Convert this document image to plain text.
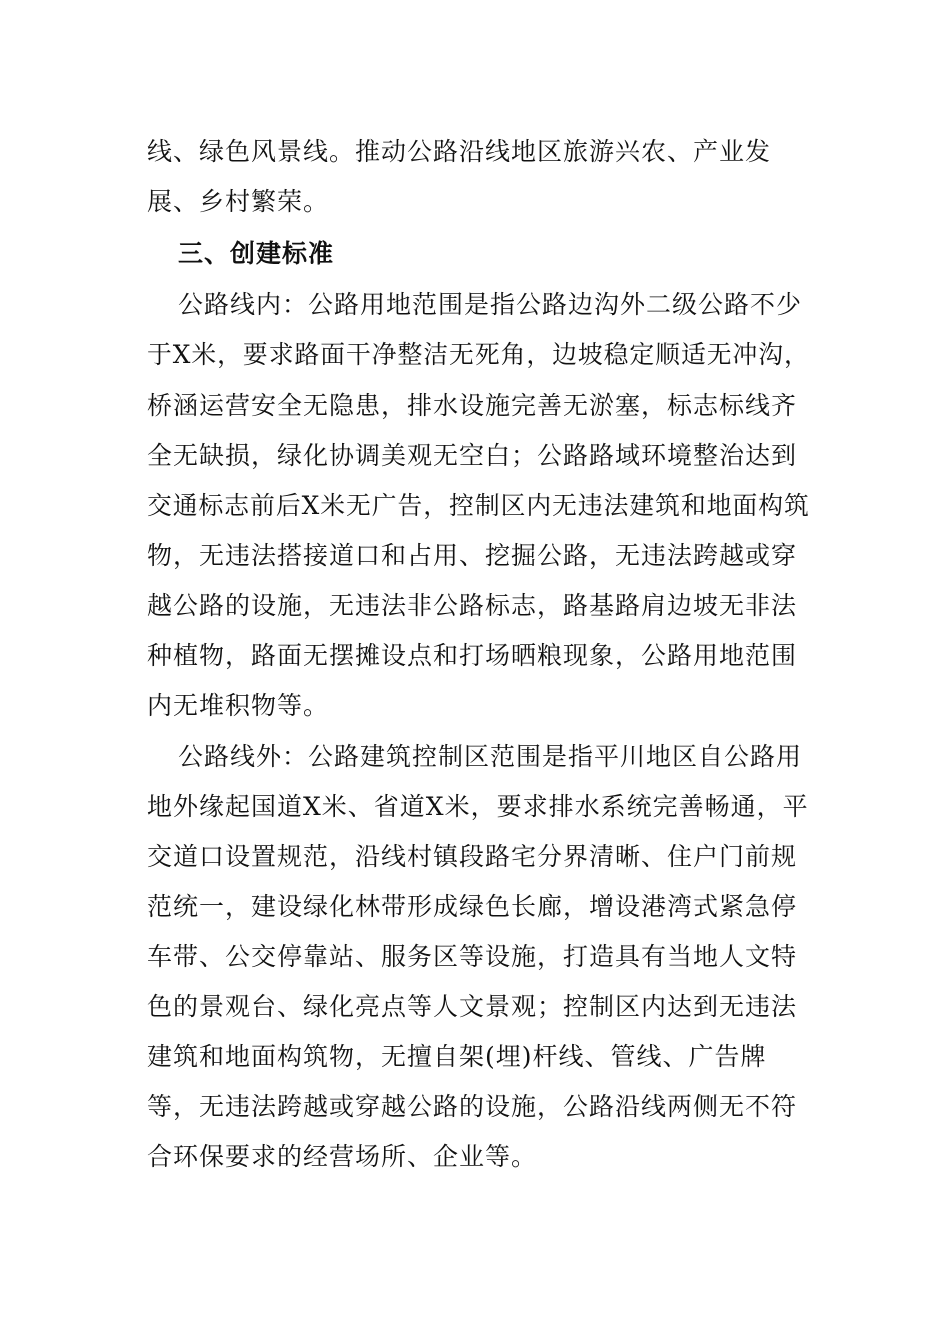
线、绿色风景线。推动公路沿线地区旅游兴农、产业发
展、乡村繁荣。
三、创建标准
公路线内：公路用地范围是指公路边沟外二级公路不少
于X米，要求路面干净整洁无死角，边坡稳定顺适无冲沟，
桥涵运营安全无隐患，排水设施完善无淤塞，标志标线齐
全无缺损，绿化协调美观无空白；公路路域环境整治达到
交通标志前后X米无广告，控制区内无违法建筑和地面构筑
物，无违法搭接道口和占用、挖掘公路，无违法跨越或穿
越公路的设施，无违法非公路标志，路基路肩边坡无非法
种植物，路面无摆摊设点和打场晒粮现象，公路用地范围
内无堆积物等。
公路线外：公路建筑控制区范围是指平川地区自公路用
地外缘起国道X米、省道X米，要求排水系统完善畅通，平
交道口设置规范，沿线村镇段路宅分界清晰、住户门前规
范统一，建设绿化林带形成绿色长廊，增设港湾式紧急停
车带、公交停靠站、服务区等设施，打造具有当地人文特
色的景观台、绿化亮点等人文景观；控制区内达到无违法
建筑和地面构筑物，无擅自架(埋)杆线、管线、广告牌
等，无违法跨越或穿越公路的设施，公路沿线两侧无不符
合环保要求的经营场所、企业等。
